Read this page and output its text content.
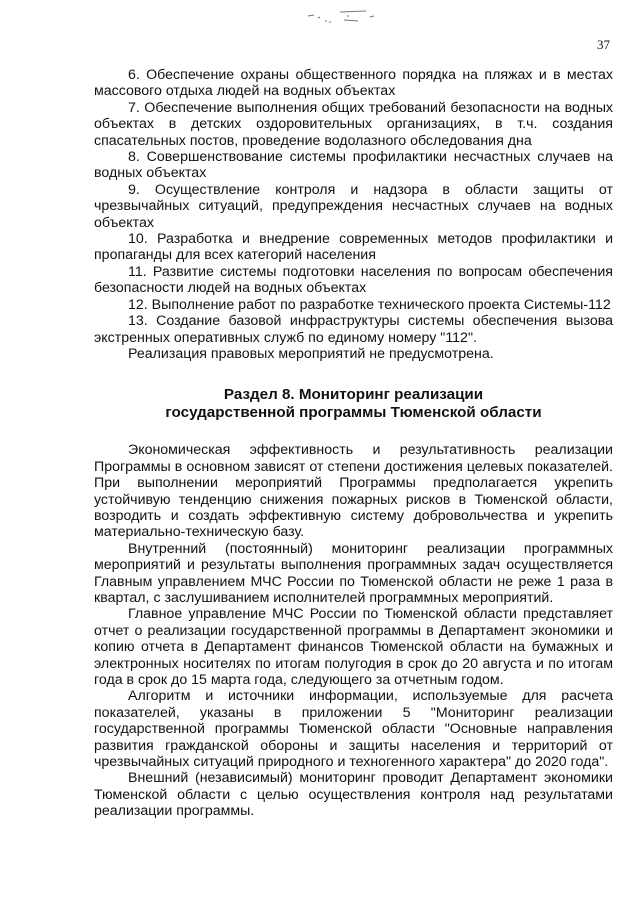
37

6. Обеспечение охраны общественного порядка на пляжах и в местах массового отдыха людей на водных объектах

7. Обеспечение выполнения общих требований безопасности на водных объектах в детских оздоровительных организациях, в т.ч. создания спасательных постов, проведение водолазного обследования дна

8. Совершенствование системы профилактики несчастных случаев на водных объектах

9. Осуществление контроля и надзора в области защиты от чрезвычайных ситуаций, предупреждения несчастных случаев на водных объектах

10. Разработка и внедрение современных методов профилактики и пропаганды для всех категорий населения

11. Развитие системы подготовки населения по вопросам обеспечения безопасности людей на водных объектах

12. Выполнение работ по разработке технического проекта Системы-112

13. Создание базовой инфраструктуры системы обеспечения вызова экстренных оперативных служб по единому номеру "112".

Реализация правовых мероприятий не предусмотрена.

Раздел 8. Мониторинг реализации
государственной программы Тюменской области

Экономическая эффективность и результативность реализации Программы в основном зависят от степени достижения целевых показателей. При выполнении мероприятий Программы предполагается укрепить устойчивую тенденцию снижения пожарных рисков в Тюменской области, возродить и создать эффективную систему добровольчества и укрепить материально-техническую базу.

Внутренний (постоянный) мониторинг реализации программных мероприятий и результаты выполнения программных задач осуществляется Главным управлением МЧС России по Тюменской области не реже 1 раза в квартал, с заслушиванием исполнителей программных мероприятий.

Главное управление МЧС России по Тюменской области представляет отчет о реализации государственной программы в Департамент экономики и копию отчета в Департамент финансов Тюменской области на бумажных и электронных носителях по итогам полугодия в срок до 20 августа и по итогам года в срок до 15 марта года, следующего за отчетным годом.

Алгоритм и источники информации, используемые для расчета показателей, указаны в приложении 5 "Мониторинг реализации государственной программы Тюменской области "Основные направления развития гражданской обороны и защиты населения и территорий от чрезвычайных ситуаций природного и техногенного характера" до 2020 года".

Внешний (независимый) мониторинг проводит Департамент экономики Тюменской области с целью осуществления контроля над результатами реализации программы.
